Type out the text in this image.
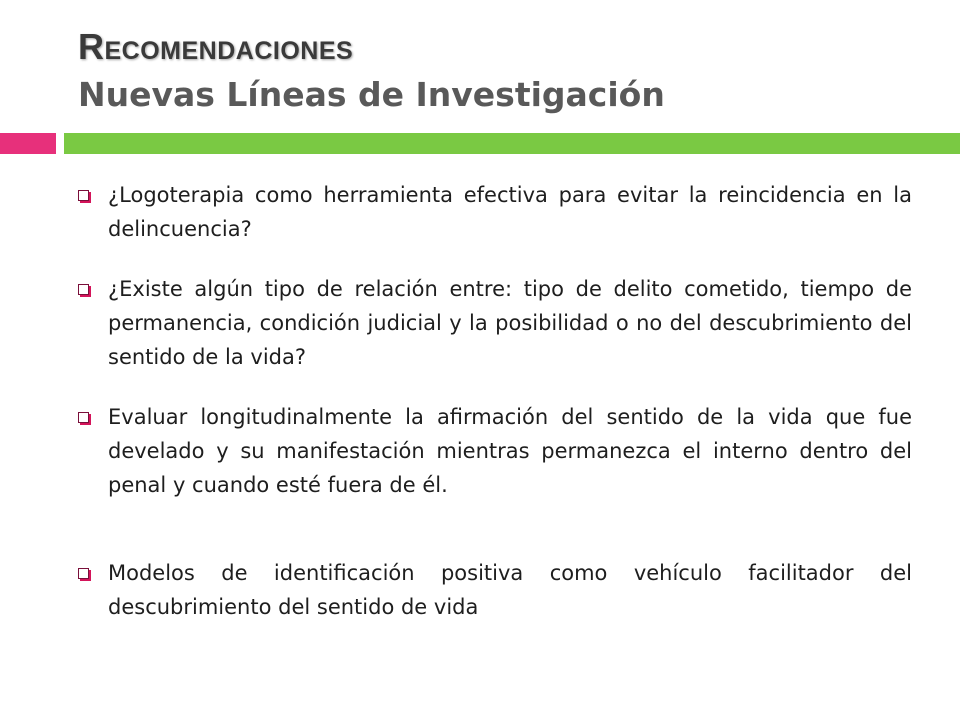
Recomendaciones
Nuevas Líneas de Investigación
¿Logoterapia como herramienta efectiva para evitar la reincidencia en la delincuencia?
¿Existe algún tipo de relación entre: tipo de delito cometido, tiempo de permanencia, condición judicial y la posibilidad o no del descubrimiento del sentido de la vida?
Evaluar longitudinalmente la afirmación del sentido de la vida que fue develado y su manifestación mientras permanezca el interno dentro del penal y cuando esté fuera de él.
Modelos de identificación positiva como vehículo facilitador del descubrimiento del sentido de vida
